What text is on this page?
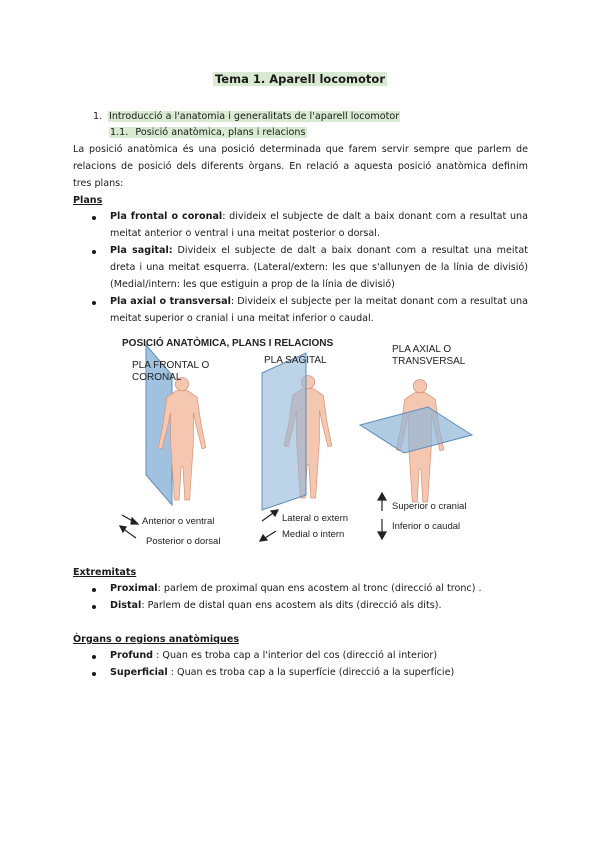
Tema 1. Aparell locomotor
1. Introducció a l'anatomia i generalitats de l'aparell locomotor
1.1. Posició anatòmica, plans i relacions
La posició anatòmica és una posició determinada que farem servir sempre que parlem de
relacions de posició dels diferents òrgans. En relació a aquesta posició anatòmica definim
tres plans:
Plans
Pla frontal o coronal: divideix el subjecte de dalt a baix donant com a resultat una
meitat anterior o ventral i una meitat posterior o dorsal.
Pla sagital: Divideix el subjecte de dalt a baix donant com a resultat una meitat
dreta i una meitat esquerra. (Lateral/extern: les que s'allunyen de la línia de divisió)
(Medial/intern: les que estiguin a prop de la línia de divisió)
Pla axial o transversal: Divideix el subjecte per la meitat donant com a resultat una
meitat superior o cranial i una meitat inferior o caudal.
POSICIÓ ANATÒMICA, PLANS I RELACIONS
PLA FRONTAL O
CORONAL
PLA SAGITAL
PLA AXIAL O
TRANSVERSAL
Anterior o ventral
Posterior o dorsal
Lateral o extern
Medial o intern
Superior o cranial
Inferior o caudal
Extremitats
Proximal: parlem de proximal quan ens acostem al tronc (direcció al tronc) .
Distal: Parlem de distal quan ens acostem als dits (direcció als dits).
Òrgans o regions anatòmiques
Profund : Quan es troba cap a l'interior del cos (direcció al interior)
Superficial : Quan es troba cap a la superfície (direcció a la superfície)
